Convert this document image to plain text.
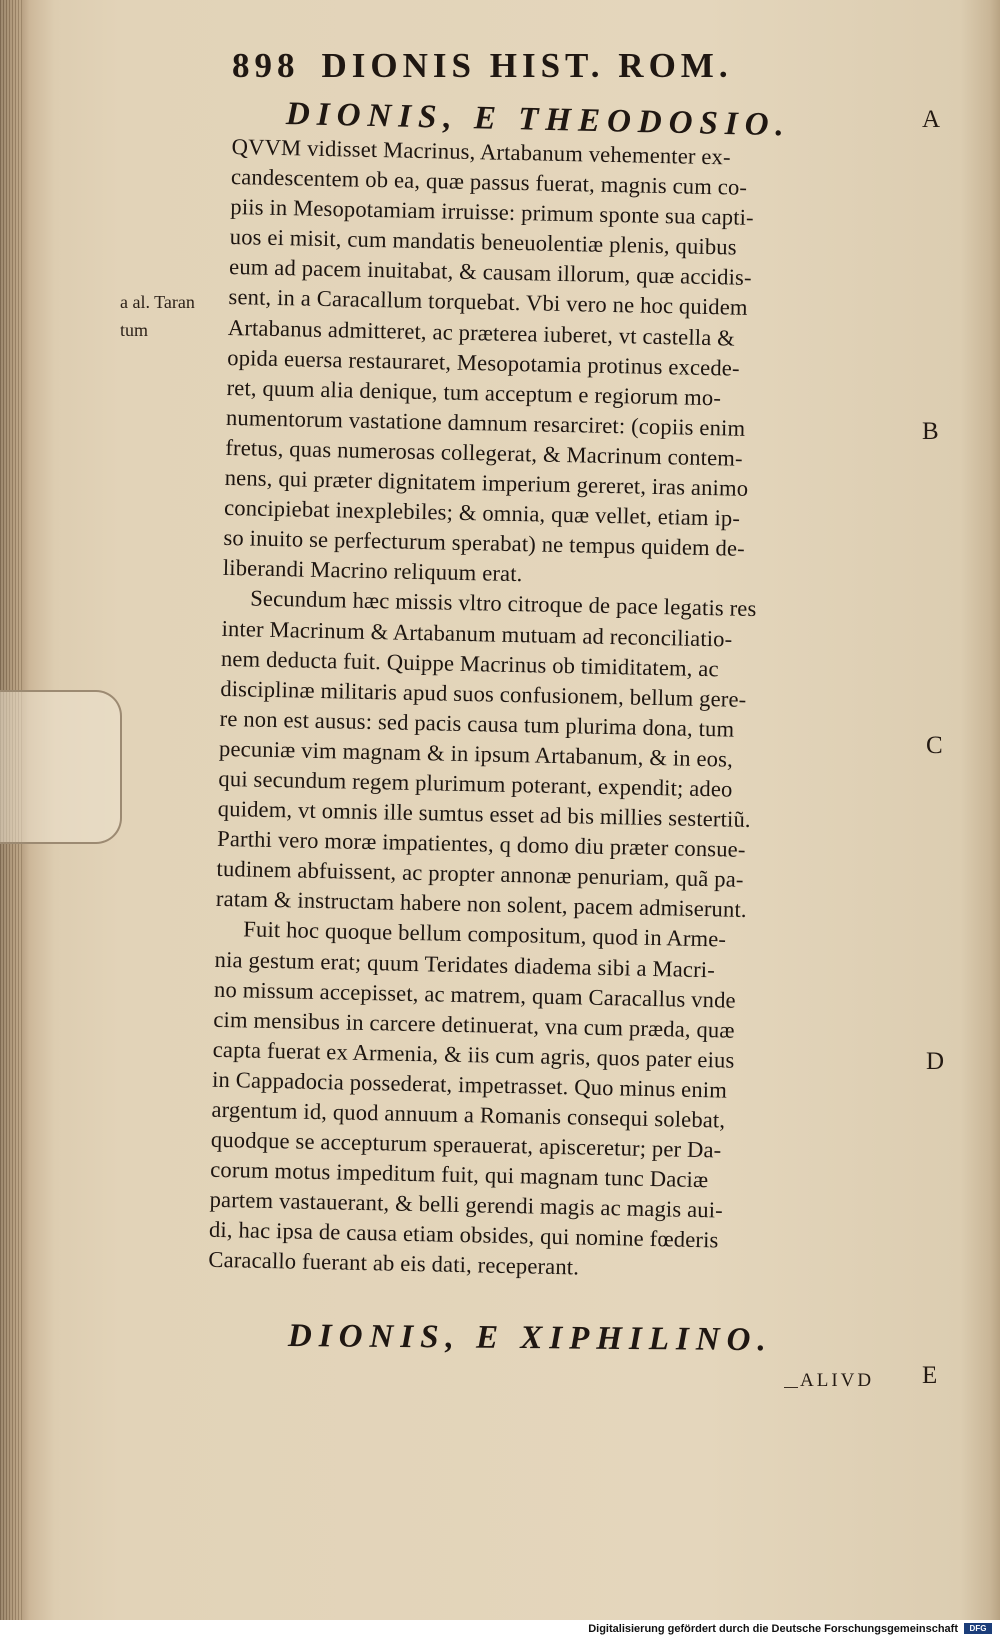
898 DIONIS HIST. ROM.
DIONIS, E THEODOSIO.
QVVM vidisset Macrinus, Artabanum vehementer ex-
candescentem ob ea, quæ passus fuerat, magnis cum co-
piis in Mesopotamiam irruisse: primum sponte sua capti-
uos ei misit, cum mandatis beneuolentiæ plenis, quibus
eum ad pacem inuitabat, & causam illorum, quæ accidis-
sent, in a Caracallum torquebat. Vbi vero ne hoc quidem
Artabanus admitteret, ac præterea iuberet, vt castella &
opida euersa restauraret, Mesopotamia protinus excede-
ret, quum alia denique, tum acceptum e regiorum mo-
numentorum vastatione damnum resarciret: (copiis enim
fretus, quas numerosas collegerat, & Macrinum contem-
nens, qui præter dignitatem imperium gereret, iras animo
concipiebat inexplebiles; & omnia, quæ vellet, etiam ip-
so inuito se perfecturum sperabat) ne tempus quidem de-
liberandi Macrino reliquum erat.
Secundum hæc missis vltro citroque de pace legatis res
inter Macrinum & Artabanum mutuam ad reconciliatio-
nem deducta fuit. Quippe Macrinus ob timiditatem, ac
disciplinæ militaris apud suos confusionem, bellum gere-
re non est ausus: sed pacis causa tum plurima dona, tum
pecuniæ vim magnam & in ipsum Artabanum, & in eos,
qui secundum regem plurimum poterant, expendit; adeo
quidem, vt omnis ille sumtus esset ad bis millies sestertiũ.
Parthi vero moræ impatientes, q domo diu præter consue-
tudinem abfuissent, ac propter annonæ penuriam, quã pa-
ratam & instructam habere non solent, pacem admiserunt.
Fuit hoc quoque bellum compositum, quod in Arme-
nia gestum erat; quum Teridates diadema sibi a Macri-
no missum accepisset, ac matrem, quam Caracallus vnde
cim mensibus in carcere detinuerat, vna cum præda, quæ
capta fuerat ex Armenia, & iis cum agris, quos pater eius
in Cappadocia possederat, impetrasset. Quo minus enim
argentum id, quod annuum a Romanis consequi solebat,
quodque se accepturum sperauerat, apisceretur; per Da-
corum motus impeditum fuit, qui magnam tunc Daciæ
partem vastauerant, & belli gerendi magis ac magis aui-
di, hac ipsa de causa etiam obsides, qui nomine fœderis
Caracallo fuerant ab eis dati, receperant.
DIONIS, E XIPHILINO.
a al. Taran
tum

A

B

C

D

E

ALIVD

Digitalisierung gefördert durch die Deutsche Forschungsgemeinschaft	DFG
